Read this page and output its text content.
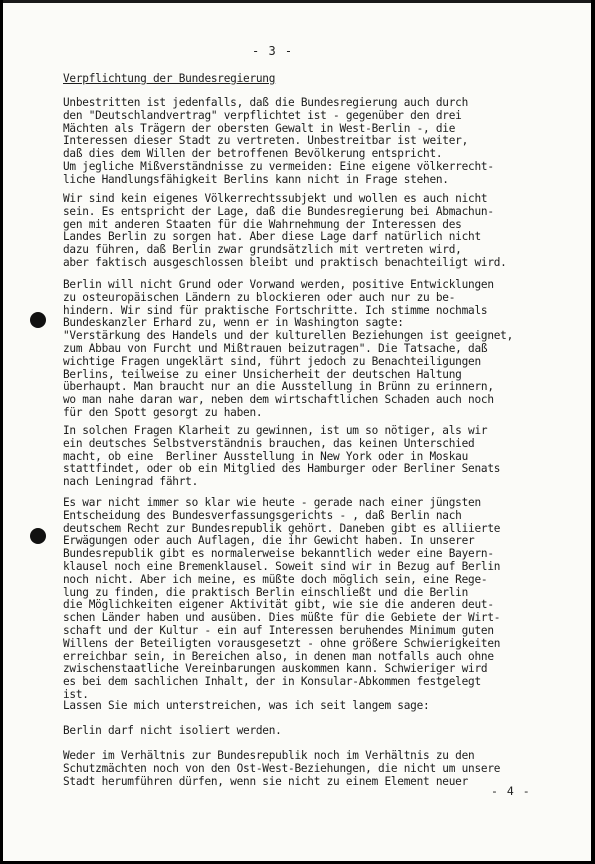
- 3 -
Verpflichtung der Bundesregierung
Unbestritten ist jedenfalls, daß die Bundesregierung auch durch
den "Deutschlandvertrag" verpflichtet ist - gegenüber den drei
Mächten als Trägern der obersten Gewalt in West-Berlin -, die
Interessen dieser Stadt zu vertreten. Unbestreitbar ist weiter,
daß dies dem Willen der betroffenen Bevölkerung entspricht.
Um jegliche Mißverständnisse zu vermeiden: Eine eigene völkerrecht-
liche Handlungsfähigkeit Berlins kann nicht in Frage stehen.
Wir sind kein eigenes Völkerrechtssubjekt und wollen es auch nicht
sein. Es entspricht der Lage, daß die Bundesregierung bei Abmachun-
gen mit anderen Staaten für die Wahrnehmung der Interessen des
Landes Berlin zu sorgen hat. Aber diese Lage darf natürlich nicht
dazu führen, daß Berlin zwar grundsätzlich mit vertreten wird,
aber faktisch ausgeschlossen bleibt und praktisch benachteiligt wird.
Berlin will nicht Grund oder Vorwand werden, positive Entwicklungen
zu osteuropäischen Ländern zu blockieren oder auch nur zu be-
hindern. Wir sind für praktische Fortschritte. Ich stimme nochmals
Bundeskanzler Erhard zu, wenn er in Washington sagte:
"Verstärkung des Handels und der kulturellen Beziehungen ist geeignet,
zum Abbau von Furcht und Mißtrauen beizutragen". Die Tatsache, daß
wichtige Fragen ungeklärt sind, führt jedoch zu Benachteiligungen
Berlins, teilweise zu einer Unsicherheit der deutschen Haltung
überhaupt. Man braucht nur an die Ausstellung in Brünn zu erinnern,
wo man nahe daran war, neben dem wirtschaftlichen Schaden auch noch
für den Spott gesorgt zu haben.
In solchen Fragen Klarheit zu gewinnen, ist um so nötiger, als wir
ein deutsches Selbstverständnis brauchen, das keinen Unterschied
macht, ob eine  Berliner Ausstellung in New York oder in Moskau
stattfindet, oder ob ein Mitglied des Hamburger oder Berliner Senats
nach Leningrad fährt.
Es war nicht immer so klar wie heute - gerade nach einer jüngsten
Entscheidung des Bundesverfassungsgerichts - , daß Berlin nach
deutschem Recht zur Bundesrepublik gehört. Daneben gibt es alliierte
Erwägungen oder auch Auflagen, die ihr Gewicht haben. In unserer
Bundesrepublik gibt es normalerweise bekanntlich weder eine Bayern-
klausel noch eine Bremenklausel. Soweit sind wir in Bezug auf Berlin
noch nicht. Aber ich meine, es müßte doch möglich sein, eine Rege-
lung zu finden, die praktisch Berlin einschließt und die Berlin
die Möglichkeiten eigener Aktivität gibt, wie sie die anderen deut-
schen Länder haben und ausüben. Dies müßte für die Gebiete der Wirt-
schaft und der Kultur - ein auf Interessen beruhendes Minimum guten
Willens der Beteiligten vorausgesetzt - ohne größere Schwierigkeiten
erreichbar sein, in Bereichen also, in denen man notfalls auch ohne
zwischenstaatliche Vereinbarungen auskommen kann. Schwieriger wird
es bei dem sachlichen Inhalt, der in Konsular-Abkommen festgelegt
ist.
Lassen Sie mich unterstreichen, was ich seit langem sage:
Berlin darf nicht isoliert werden.
Weder im Verhältnis zur Bundesrepublik noch im Verhältnis zu den
Schutzmächten noch von den Ost-West-Beziehungen, die nicht um unsere
Stadt herumführen dürfen, wenn sie nicht zu einem Element neuer
- 4 -
